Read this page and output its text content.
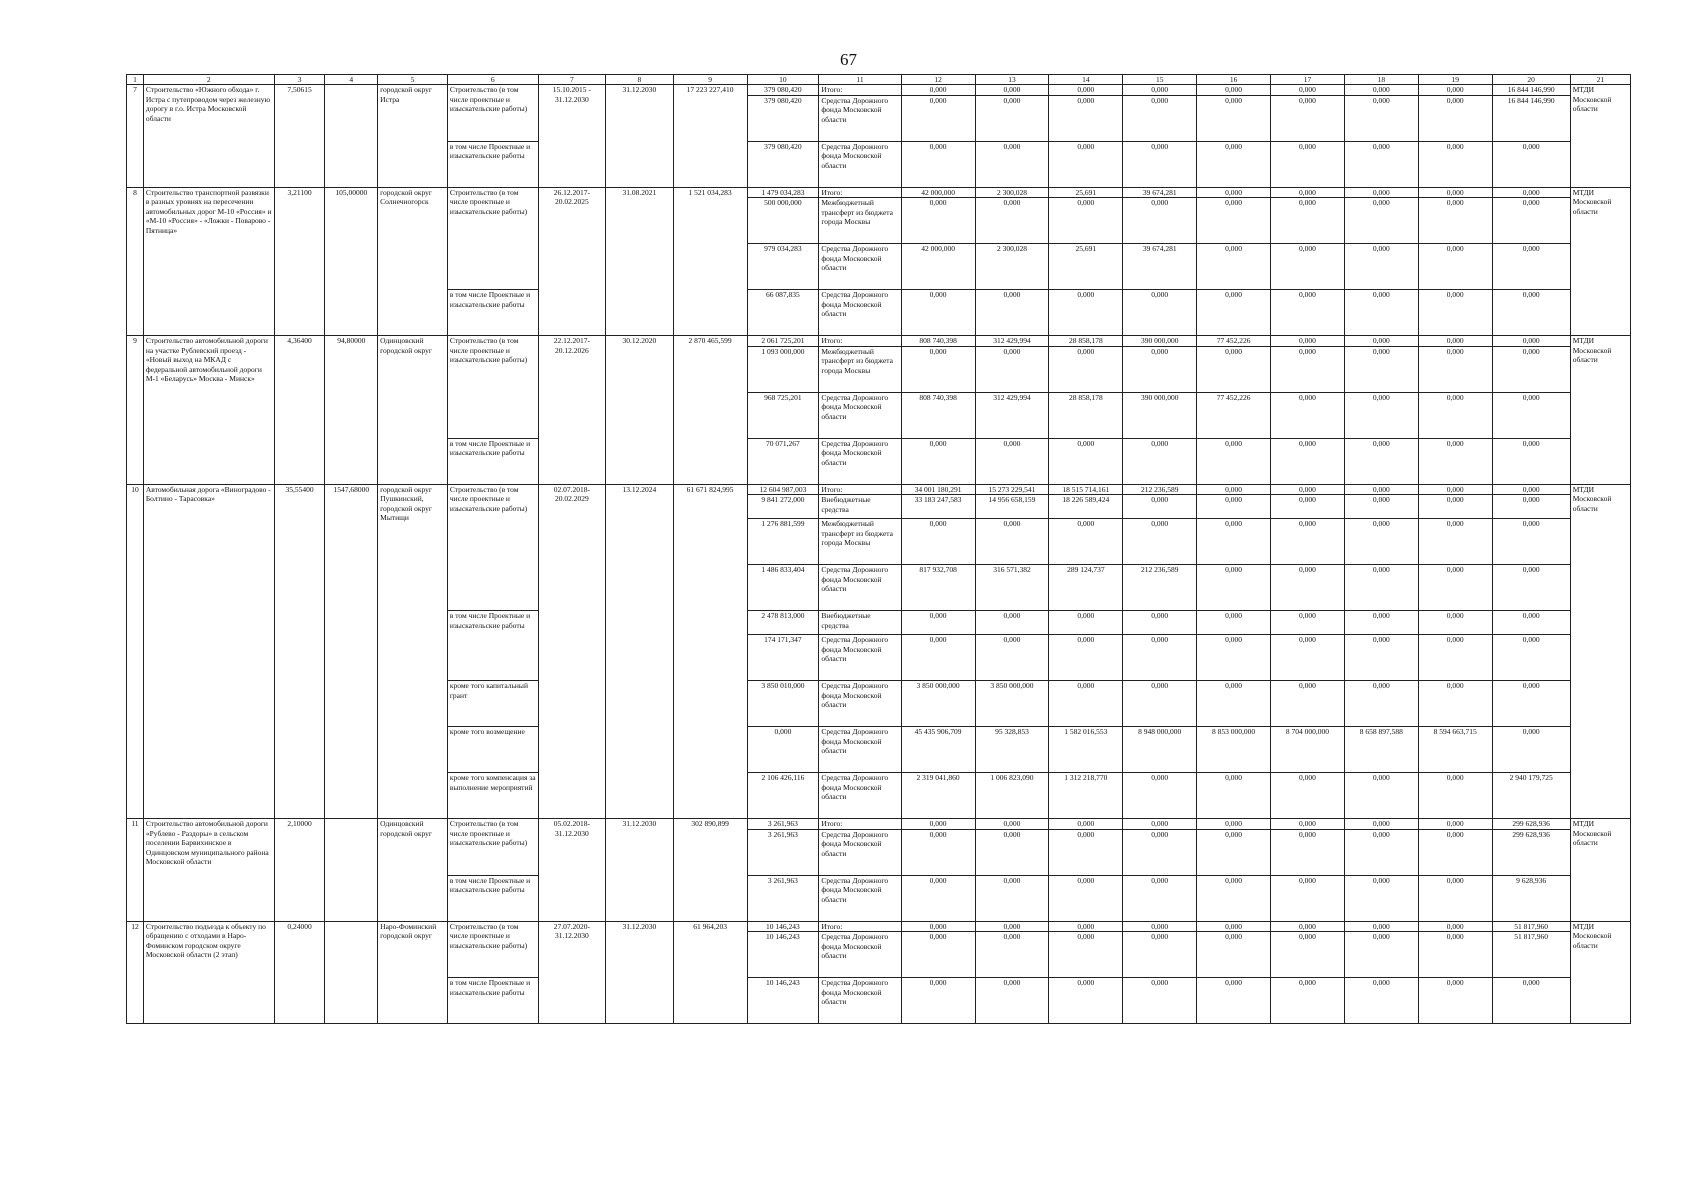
67
1	2	3	4	5	6	7	8	9	10	11	12	13	14	15	16	17	18	19	20	21
7	Строительство «Южного обхода» г. Истра с путепроводом через железную дорогу в г.о. Истра Московской области	7,50615		городской округ Истра	Строительство (в том числе проектные и изыскательские работы)	15.10.2015 - 31.12.2030	31.12.2030	17 223 227,410	379 080,420	Итого:	0,000	0,000	0,000	0,000	0,000	0,000	0,000	0,000	16 844 146,990	МТДИ Московской области
									379 080,420	Средства Дорожного фонда Московской области	0,000	0,000	0,000	0,000	0,000	0,000	0,000	0,000	16 844 146,990	
					в том числе Проектные и изыскательские работы				379 080,420	Средства Дорожного фонда Московской области	0,000	0,000	0,000	0,000	0,000	0,000	0,000	0,000	0,000	
8	Строительство транспортной развязки в разных уровнях на пересечении автомобильных дорог М-10 «Россия» и «М-10 «Россия» - «Ложки - Поварово - Пятница»	3,21100	105,00000	городской округ Солнечногорск	Строительство (в том числе проектные и изыскательские работы)	26.12.2017- 20.02.2025	31.08.2021	1 521 034,283	1 479 034,283	Итого:	42 000,000	2 300,028	25,691	39 674,281	0,000	0,000	0,000	0,000	0,000	МТДИ Московской области
									500 000,000	Межбюджетный трансферт из бюджета города Москвы	0,000	0,000	0,000	0,000	0,000	0,000	0,000	0,000	0,000	
									979 034,283	Средства Дорожного фонда Московской области	42 000,000	2 300,028	25,691	39 674,281	0,000	0,000	0,000	0,000	0,000	
					в том числе Проектные и изыскательские работы				66 087,835	Средства Дорожного фонда Московской области	0,000	0,000	0,000	0,000	0,000	0,000	0,000	0,000	0,000	
9	Строительство автомобильной дороги на участке Рублевский проезд - «Новый выход на МКАД с федеральной автомобильной дороги М-1 «Беларусь» Москва - Минск»	4,36400	94,80000	Одинцовский городской округ	Строительство (в том числе проектные и изыскательские работы)	22.12.2017- 20.12.2026	30.12.2020	2 870 465,599	2 061 725,201	Итого:	808 740,398	312 429,994	28 858,178	390 000,000	77 452,226	0,000	0,000	0,000	0,000	МТДИ Московской области
									1 093 000,000	Межбюджетный трансферт из бюджета города Москвы	0,000	0,000	0,000	0,000	0,000	0,000	0,000	0,000	0,000	
									968 725,201	Средства Дорожного фонда Московской области	808 740,398	312 429,994	28 858,178	390 000,000	77 452,226	0,000	0,000	0,000	0,000	
					в том числе Проектные и изыскательские работы				70 071,267	Средства Дорожного фонда Московской области	0,000	0,000	0,000	0,000	0,000	0,000	0,000	0,000	0,000	
10	Автомобильная дорога «Виноградово - Болтино - Тарасовка»	35,55400	1547,68000	городской округ Пушкинский, городской округ Мытищи	Строительство (в том числе проектные и изыскательские работы)	02.07.2018- 20.02.2029	13.12.2024	61 671 824,995	12 604 987,003	Итого:	34 001 180,291	15 273 229,541	18 515 714,161	212 236,589	0,000	0,000	0,000	0,000	0,000	МТДИ Московской области
									9 841 272,000	Внебюджетные средства	33 183 247,583	14 956 658,159	18 226 589,424	0,000	0,000	0,000	0,000	0,000	0,000	
									1 276 881,599	Межбюджетный трансферт из бюджета города Москвы	0,000	0,000	0,000	0,000	0,000	0,000	0,000	0,000	0,000	
									1 486 833,404	Средства Дорожного фонда Московской области	817 932,708	316 571,382	289 124,737	212 236,589	0,000	0,000	0,000	0,000	0,000	
					в том числе Проектные и изыскательские работы				2 478 813,000	Внебюджетные средства	0,000	0,000	0,000	0,000	0,000	0,000	0,000	0,000	0,000	
									174 171,347	Средства Дорожного фонда Московской области	0,000	0,000	0,000	0,000	0,000	0,000	0,000	0,000	0,000	
					кроме того капитальный грант				3 850 010,000	Средства Дорожного фонда Московской области	3 850 000,000	3 850 000,000	0,000	0,000	0,000	0,000	0,000	0,000	0,000	
					кроме того возмещение				0,000	Средства Дорожного фонда Московской области	45 435 906,709	95 328,853	1 582 016,553	8 948 000,000	8 853 000,000	8 704 000,000	8 658 897,588	8 594 663,715	0,000	
					кроме того компенсация за выполнение мероприятий				2 106 426,116	Средства Дорожного фонда Московской области	2 319 041,860	1 006 823,090	1 312 218,770	0,000	0,000	0,000	0,000	0,000	2 940 179,725	
11	Строительство автомобильной дороги «Рублево - Раздоры» в сельском поселении Барвихинское в Одинцовском муниципального района Московской области	2,10000		Одинцовский городской округ	Строительство (в том числе проектные и изыскательские работы)	05.02.2018- 31.12.2030	31.12.2030	302 890,899	3 261,963	Итого:	0,000	0,000	0,000	0,000	0,000	0,000	0,000	0,000	299 628,936	МТДИ Московской области
									3 261,963	Средства Дорожного фонда Московской области	0,000	0,000	0,000	0,000	0,000	0,000	0,000	0,000	299 628,936	
					в том числе Проектные и изыскательские работы				3 261,963	Средства Дорожного фонда Московской области	0,000	0,000	0,000	0,000	0,000	0,000	0,000	0,000	9 628,936	
12	Строительство подъезда к объекту по обращению с отходами в Наро-Фоминском городском округе Московской области (2 этап)	0,24000		Наро-Фоминский городской округ	Строительство (в том числе проектные и изыскательские работы)	27.07.2020- 31.12.2030	31.12.2030	61 964,203	10 146,243	Итого:	0,000	0,000	0,000	0,000	0,000	0,000	0,000	0,000	51 817,960	МТДИ Московской области
									10 146,243	Средства Дорожного фонда Московской области	0,000	0,000	0,000	0,000	0,000	0,000	0,000	0,000	51 817,960	
					в том числе Проектные и изыскательские работы				10 146,243	Средства Дорожного фонда Московской области	0,000	0,000	0,000	0,000	0,000	0,000	0,000	0,000	0,000	
